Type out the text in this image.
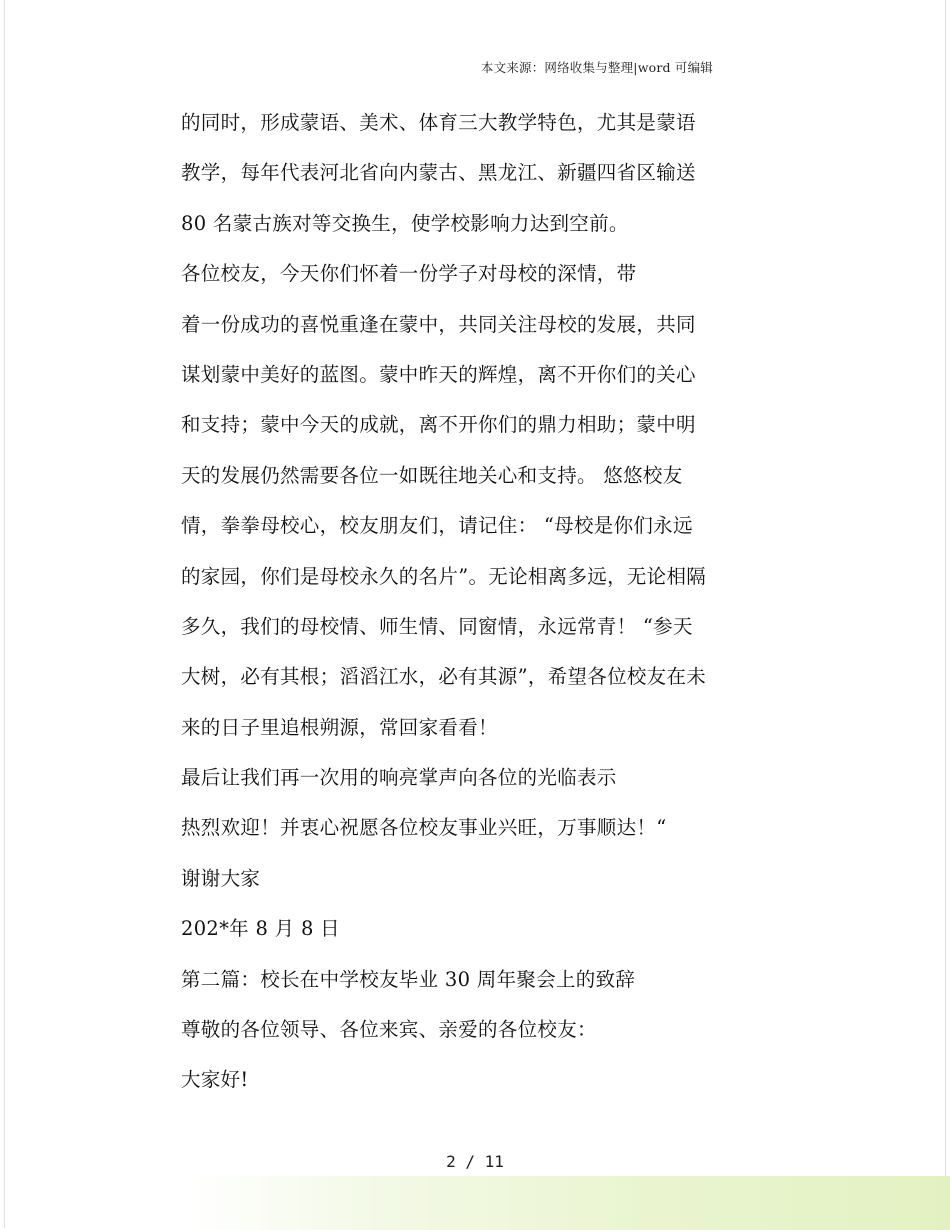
本文来源：网络收集与整理|word 可编辑
的同时，形成蒙语、美术、体育三大教学特色，尤其是蒙语
教学，每年代表河北省向内蒙古、黑龙江、新疆四省区输送
80 名蒙古族对等交换生，使学校影响力达到空前。
各位校友，今天你们怀着一份学子对母校的深情，带
着一份成功的喜悦重逢在蒙中，共同关注母校的发展，共同
谋划蒙中美好的蓝图。蒙中昨天的辉煌，离不开你们的关心
和支持；蒙中今天的成就，离不开你们的鼎力相助；蒙中明
天的发展仍然需要各位一如既往地关心和支持。 悠悠校友
情，拳拳母校心，校友朋友们，请记住： “母校是你们永远
的家园，你们是母校永久的名片”。无论相离多远，无论相隔
多久，我们的母校情、师生情、同窗情，永远常青！ “参天
大树，必有其根；滔滔江水，必有其源”，希望各位校友在未
来的日子里追根朔源，常回家看看！
最后让我们再一次用的响亮掌声向各位的光临表示
热烈欢迎！并衷心祝愿各位校友事业兴旺，万事顺达！“
谢谢大家
202*年 8 月 8 日
第二篇：校长在中学校友毕业 30 周年聚会上的致辞
尊敬的各位领导、各位来宾、亲爱的各位校友：
大家好!
2 / 11
